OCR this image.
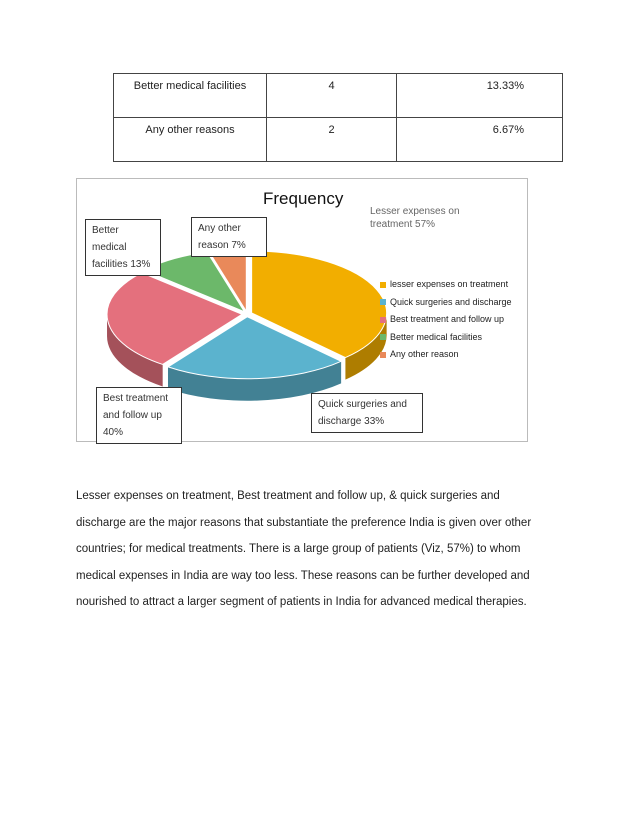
Better medical facilities	4	13.33%
Any other reasons	2	6.67%
Frequency
Better medical facilities 13%
Any other reason 7%
Lesser expenses on treatment 57%
Best treatment and follow up 40%
Quick surgeries and discharge 33%
lesser expenses on treatment
Quick surgeries and discharge
Best treatment and follow up
Better medical facilities
Any other reason
Lesser expenses on treatment, Best treatment and follow up, & quick surgeries and discharge are the major reasons that substantiate the preference India is given over other countries; for medical treatments. There is a large group of patients (Viz, 57%) to whom medical expenses in India are way too less. These reasons can be further developed and nourished to attract a larger segment of patients in India for advanced medical therapies.
